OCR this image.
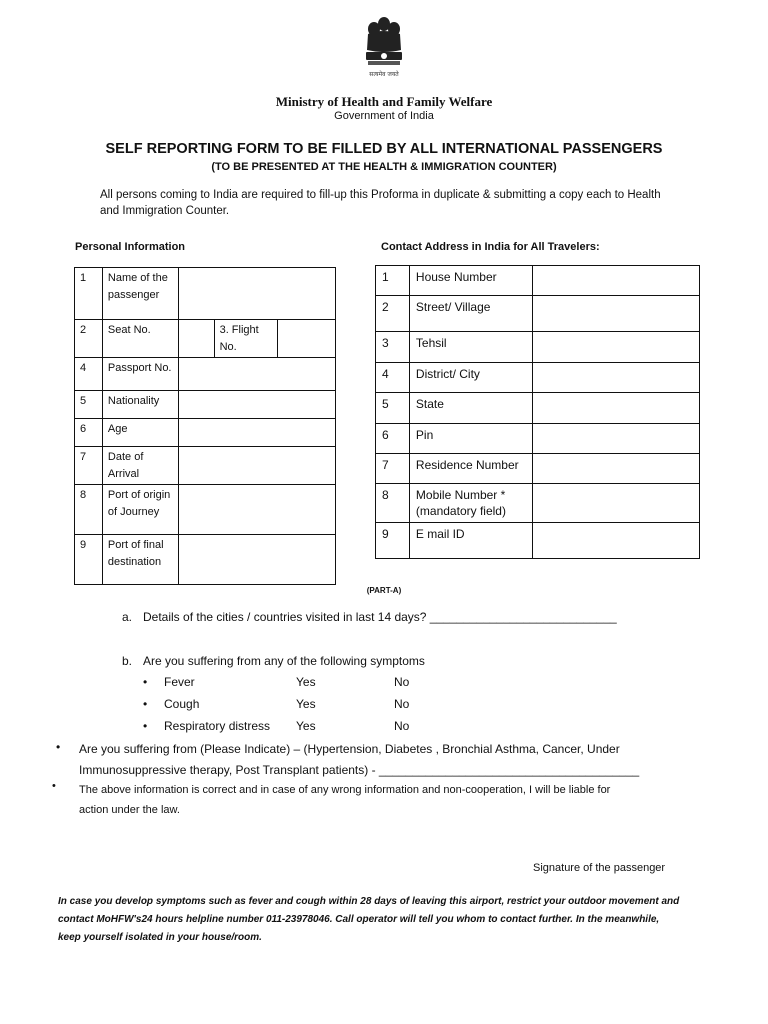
सत्यमेव जयते
Ministry of Health and Family Welfare
Government of India
SELF REPORTING FORM TO BE FILLED BY ALL INTERNATIONAL PASSENGERS
(TO BE PRESENTED AT THE HEALTH & IMMIGRATION COUNTER)
All persons coming to India are required to fill-up this Proforma in duplicate & submitting a copy each to Health
and Immigration Counter.
Personal Information	Contact Address in India for All Travelers:
1	Name of the passenger			
2	Seat No.		3. Flight No.	
4	Passport No.			
5	Nationality			
6	Age			
7	Date of Arrival			
8	Port of origin of Journey			
9	Port of final destination			
1	House Number	
2	Street/ Village	
3	Tehsil	
4	District/ City	
5	State	
6	Pin	
7	Residence Number	
8	Mobile Number * (mandatory field)	
9	E mail ID	
(PART-A)
a. Details of the cities / countries visited in last 14 days? ____________________________
b. Are you suffering from any of the following symptoms
• Fever	Yes	No
• Cough	Yes	No
• Respiratory distress Yes	No
• Are you suffering from (Please Indicate) – (Hypertension, Diabetes , Bronchial Asthma, Cancer, Under
Immunosuppressive therapy, Post Transplant patients) - _______________________________________
• The above information is correct and in case of any wrong information and non-cooperation, I will be liable for
action under the law.
Signature of the passenger
In case you develop symptoms such as fever and cough within 28 days of leaving this airport, restrict your outdoor movement and
contact MoHFW's24 hours helpline number 011-23978046. Call operator will tell you whom to contact further. In the meanwhile,
keep yourself isolated in your house/room.
